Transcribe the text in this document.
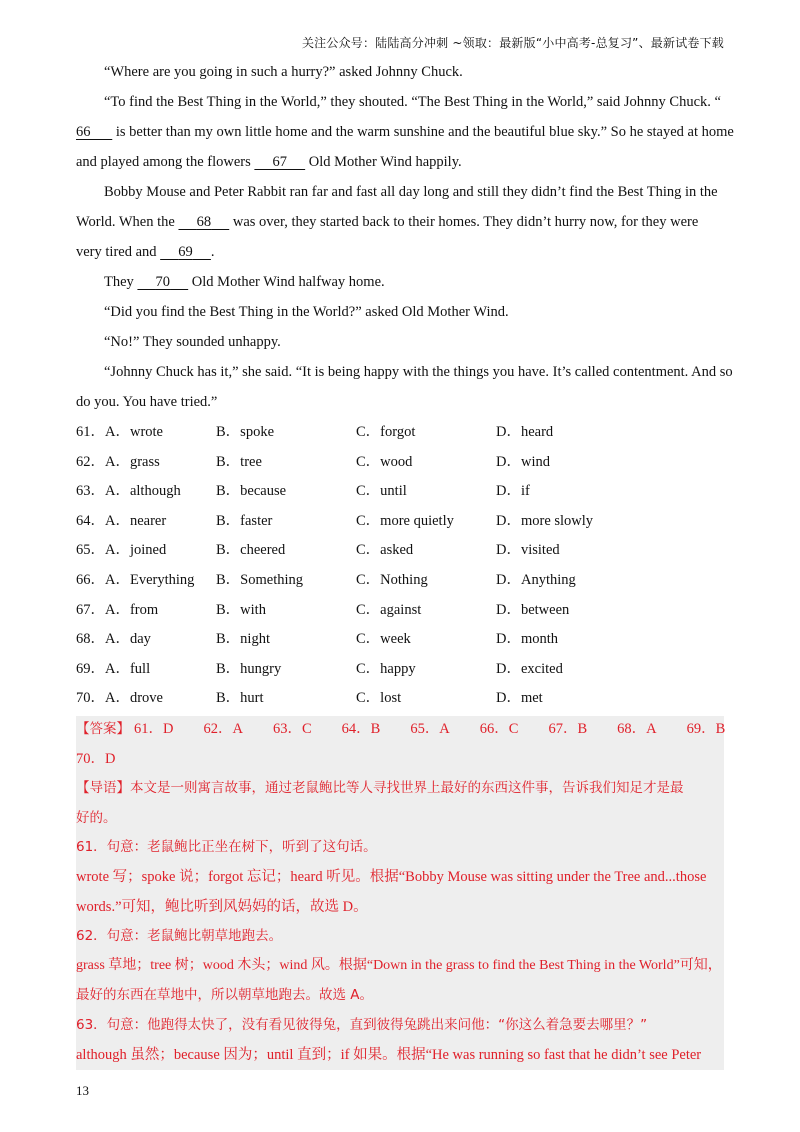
关注公众号：陆陆高分冲刺 ~领取：最新版“小中高考-总复习”、最新试卷下载
“Where are you going in such a hurry?” asked Johnny Chuck.
“To find the Best Thing in the World,” they shouted. “The Best Thing in the World,” said Johnny Chuck. “
66       is better than my own little home and the warm sunshine and the beautiful blue sky.” So he stayed at home
and played among the flowers 67 Old Mother Wind happily.
Bobby Mouse and Peter Rabbit ran far and fast all day long and still they didn’t find the Best Thing in the
World. When the 68 was over, they started back to their homes. They didn’t hurry now, for they were
very tired and 69 .
They 70 Old Mother Wind halfway home.
“Did you find the Best Thing in the World?” asked Old Mother Wind.
“No!” They sounded unhappy.
“Johnny Chuck has it,” she said. “It is being happy with the things you have. It’s called contentment. And so
do you. You have tried.”
61．A．wrote	B．spoke	C．forgot	D．heard
62．A．grass	B．tree	C．wood	D．wind
63．A．although	B．because	C．until	D．if
64．A．nearer	B．faster	C．more quietly	D．more slowly
65．A．joined	B．cheered	C．asked	D．visited
66．A．Everything	B．Something	C．Nothing	D．Anything
67．A．from	B．with	C．against	D．between
68．A．day	B．night	C．week	D．month
69．A．full	B．hungry	C．happy	D．excited
70．A．drove	B．hurt	C．lost	D．met
【答案】 61．D 62．A 63．C 64．B 65．A 66．C 67．B 68．A 69．B
70．D
【导语】本文是一则寓言故事，通过老鼠鲍比等人寻找世界上最好的东西这件事，告诉我们知足才是最
好的。
61．句意：老鼠鲍比正坐在树下，听到了这句话。
wrote 写；spoke 说；forgot 忘记；heard 听见。根据“Bobby Mouse was sitting under the Tree and...those
words.”可知，鲍比听到风妈妈的话，故选 D。
62．句意：老鼠鲍比朝草地跑去。
grass 草地；tree 树；wood 木头；wind 风。根据“Down in the grass to find the Best Thing in the World”可知，
最好的东西在草地中，所以朝草地跑去。故选 A。
63．句意：他跑得太快了，没有看见彼得兔，直到彼得兔跳出来问他：“你这么着急要去哪里？”
although 虽然；because 因为；until 直到；if 如果。根据“He was running so fast that he didn’t see Peter
13
